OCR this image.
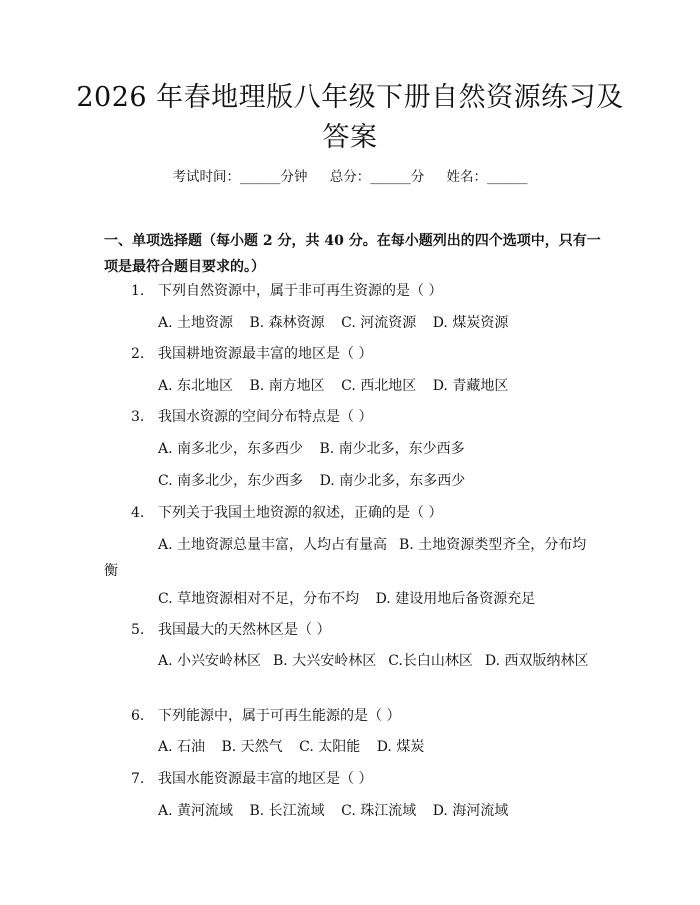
2026 年春地理版八年级下册自然资源练习及
答案
考试时间：______分钟 总分：______分 姓名：______
一、单项选择题（每小题 2 分，共 40 分。在每小题列出的四个选项中，只有一项是最符合题目要求的。）
1. 下列自然资源中，属于非可再生资源的是（ ）
A. 土地资源 B. 森林资源 C. 河流资源 D. 煤炭资源
2. 我国耕地资源最丰富的地区是（ ）
A. 东北地区 B. 南方地区 C. 西北地区 D. 青藏地区
3. 我国水资源的空间分布特点是（ ）
A. 南多北少，东多西少 B. 南少北多，东少西多
C. 南多北少，东少西多 D. 南少北多，东多西少
4. 下列关于我国土地资源的叙述，正确的是（ ）
A. 土地资源总量丰富，人均占有量高 B. 土地资源类型齐全，分布均衡
C. 草地资源相对不足，分布不均 D. 建设用地后备资源充足
5. 我国最大的天然林区是（ ）
A. 小兴安岭林区 B. 大兴安岭林区 C.长白山林区 D. 西双版纳林区
6. 下列能源中，属于可再生能源的是（ ）
A. 石油 B. 天然气 C. 太阳能 D. 煤炭
7. 我国水能资源最丰富的地区是（ ）
A. 黄河流域 B. 长江流域 C. 珠江流域 D. 海河流域
